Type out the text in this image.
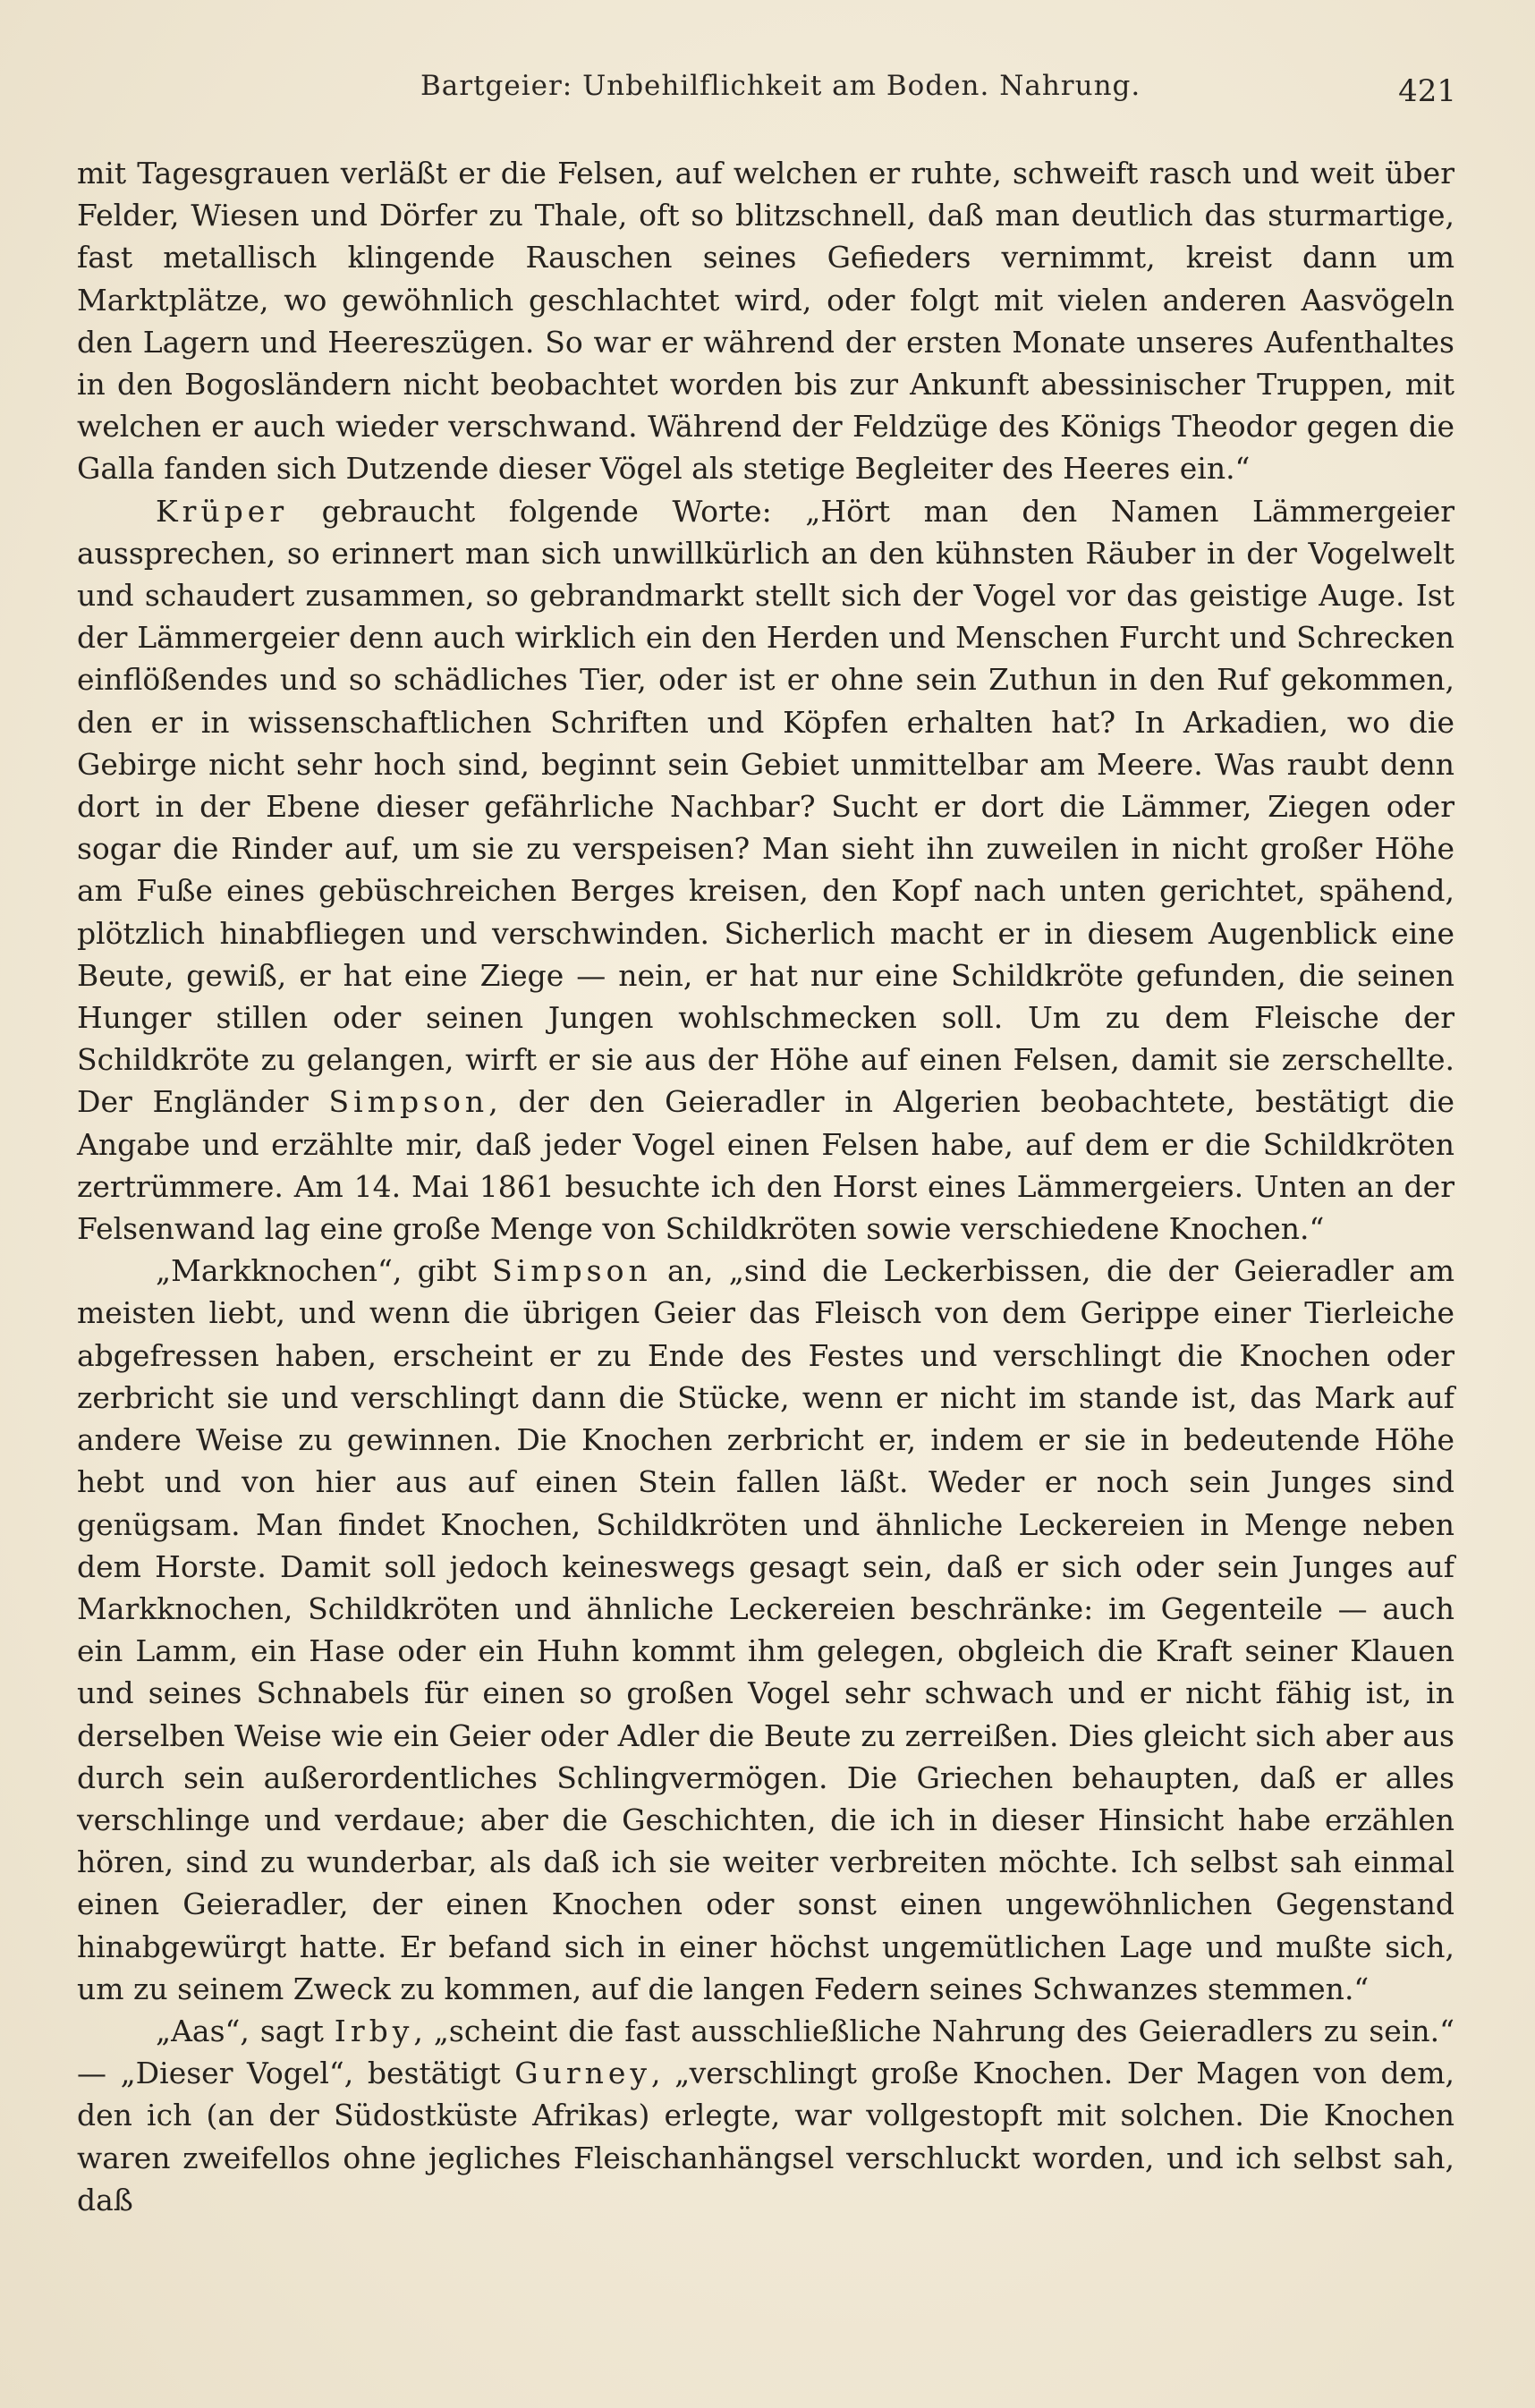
Bartgeier: Unbehilflichkeit am Boden. Nahrung.	421

mit Tagesgrauen verläßt er die Felsen, auf welchen er ruhte, schweift rasch und weit über Felder, Wiesen und Dörfer zu Thale, oft so blitzschnell, daß man deutlich das sturmartige, fast metallisch klingende Rauschen seines Gefieders vernimmt, kreist dann um Marktplätze, wo gewöhnlich geschlachtet wird, oder folgt mit vielen anderen Aasvögeln den Lagern und Heereszügen. So war er während der ersten Monate unseres Aufenthaltes in den Bogosländern nicht beobachtet worden bis zur Ankunft abessinischer Truppen, mit welchen er auch wieder verschwand. Während der Feldzüge des Königs Theodor gegen die Galla fanden sich Dutzende dieser Vögel als stetige Begleiter des Heeres ein.“

Krüper gebraucht folgende Worte: „Hört man den Namen Lämmergeier aussprechen, so erinnert man sich unwillkürlich an den kühnsten Räuber in der Vogelwelt und schaudert zusammen, so gebrandmarkt stellt sich der Vogel vor das geistige Auge. Ist der Lämmergeier denn auch wirklich ein den Herden und Menschen Furcht und Schrecken einflößendes und so schädliches Tier, oder ist er ohne sein Zuthun in den Ruf gekommen, den er in wissenschaftlichen Schriften und Köpfen erhalten hat? In Arkadien, wo die Gebirge nicht sehr hoch sind, beginnt sein Gebiet unmittelbar am Meere. Was raubt denn dort in der Ebene dieser gefährliche Nachbar? Sucht er dort die Lämmer, Ziegen oder sogar die Rinder auf, um sie zu verspeisen? Man sieht ihn zuweilen in nicht großer Höhe am Fuße eines gebüschreichen Berges kreisen, den Kopf nach unten gerichtet, spähend, plötzlich hinabfliegen und verschwinden. Sicherlich macht er in diesem Augenblick eine Beute, gewiß, er hat eine Ziege — nein, er hat nur eine Schildkröte gefunden, die seinen Hunger stillen oder seinen Jungen wohlschmecken soll. Um zu dem Fleische der Schildkröte zu gelangen, wirft er sie aus der Höhe auf einen Felsen, damit sie zerschellte. Der Engländer Simpson, der den Geieradler in Algerien beobachtete, bestätigt die Angabe und erzählte mir, daß jeder Vogel einen Felsen habe, auf dem er die Schildkröten zertrümmere. Am 14. Mai 1861 besuchte ich den Horst eines Lämmergeiers. Unten an der Felsenwand lag eine große Menge von Schildkröten sowie verschiedene Knochen.“

„Markknochen“, gibt Simpson an, „sind die Leckerbissen, die der Geieradler am meisten liebt, und wenn die übrigen Geier das Fleisch von dem Gerippe einer Tierleiche abgefressen haben, erscheint er zu Ende des Festes und verschlingt die Knochen oder zerbricht sie und verschlingt dann die Stücke, wenn er nicht im stande ist, das Mark auf andere Weise zu gewinnen. Die Knochen zerbricht er, indem er sie in bedeutende Höhe hebt und von hier aus auf einen Stein fallen läßt. Weder er noch sein Junges sind genügsam. Man findet Knochen, Schildkröten und ähnliche Leckereien in Menge neben dem Horste. Damit soll jedoch keineswegs gesagt sein, daß er sich oder sein Junges auf Markknochen, Schildkröten und ähnliche Leckereien beschränke: im Gegenteile — auch ein Lamm, ein Hase oder ein Huhn kommt ihm gelegen, obgleich die Kraft seiner Klauen und seines Schnabels für einen so großen Vogel sehr schwach und er nicht fähig ist, in derselben Weise wie ein Geier oder Adler die Beute zu zerreißen. Dies gleicht sich aber aus durch sein außerordentliches Schlingvermögen. Die Griechen behaupten, daß er alles verschlinge und verdaue; aber die Geschichten, die ich in dieser Hinsicht habe erzählen hören, sind zu wunderbar, als daß ich sie weiter verbreiten möchte. Ich selbst sah einmal einen Geieradler, der einen Knochen oder sonst einen ungewöhnlichen Gegenstand hinabgewürgt hatte. Er befand sich in einer höchst ungemütlichen Lage und mußte sich, um zu seinem Zweck zu kommen, auf die langen Federn seines Schwanzes stemmen.“

„Aas“, sagt Irby, „scheint die fast ausschließliche Nahrung des Geieradlers zu sein.“ — „Dieser Vogel“, bestätigt Gurney, „verschlingt große Knochen. Der Magen von dem, den ich (an der Südostküste Afrikas) erlegte, war vollgestopft mit solchen. Die Knochen waren zweifellos ohne jegliches Fleischanhängsel verschluckt worden, und ich selbst sah, daß
